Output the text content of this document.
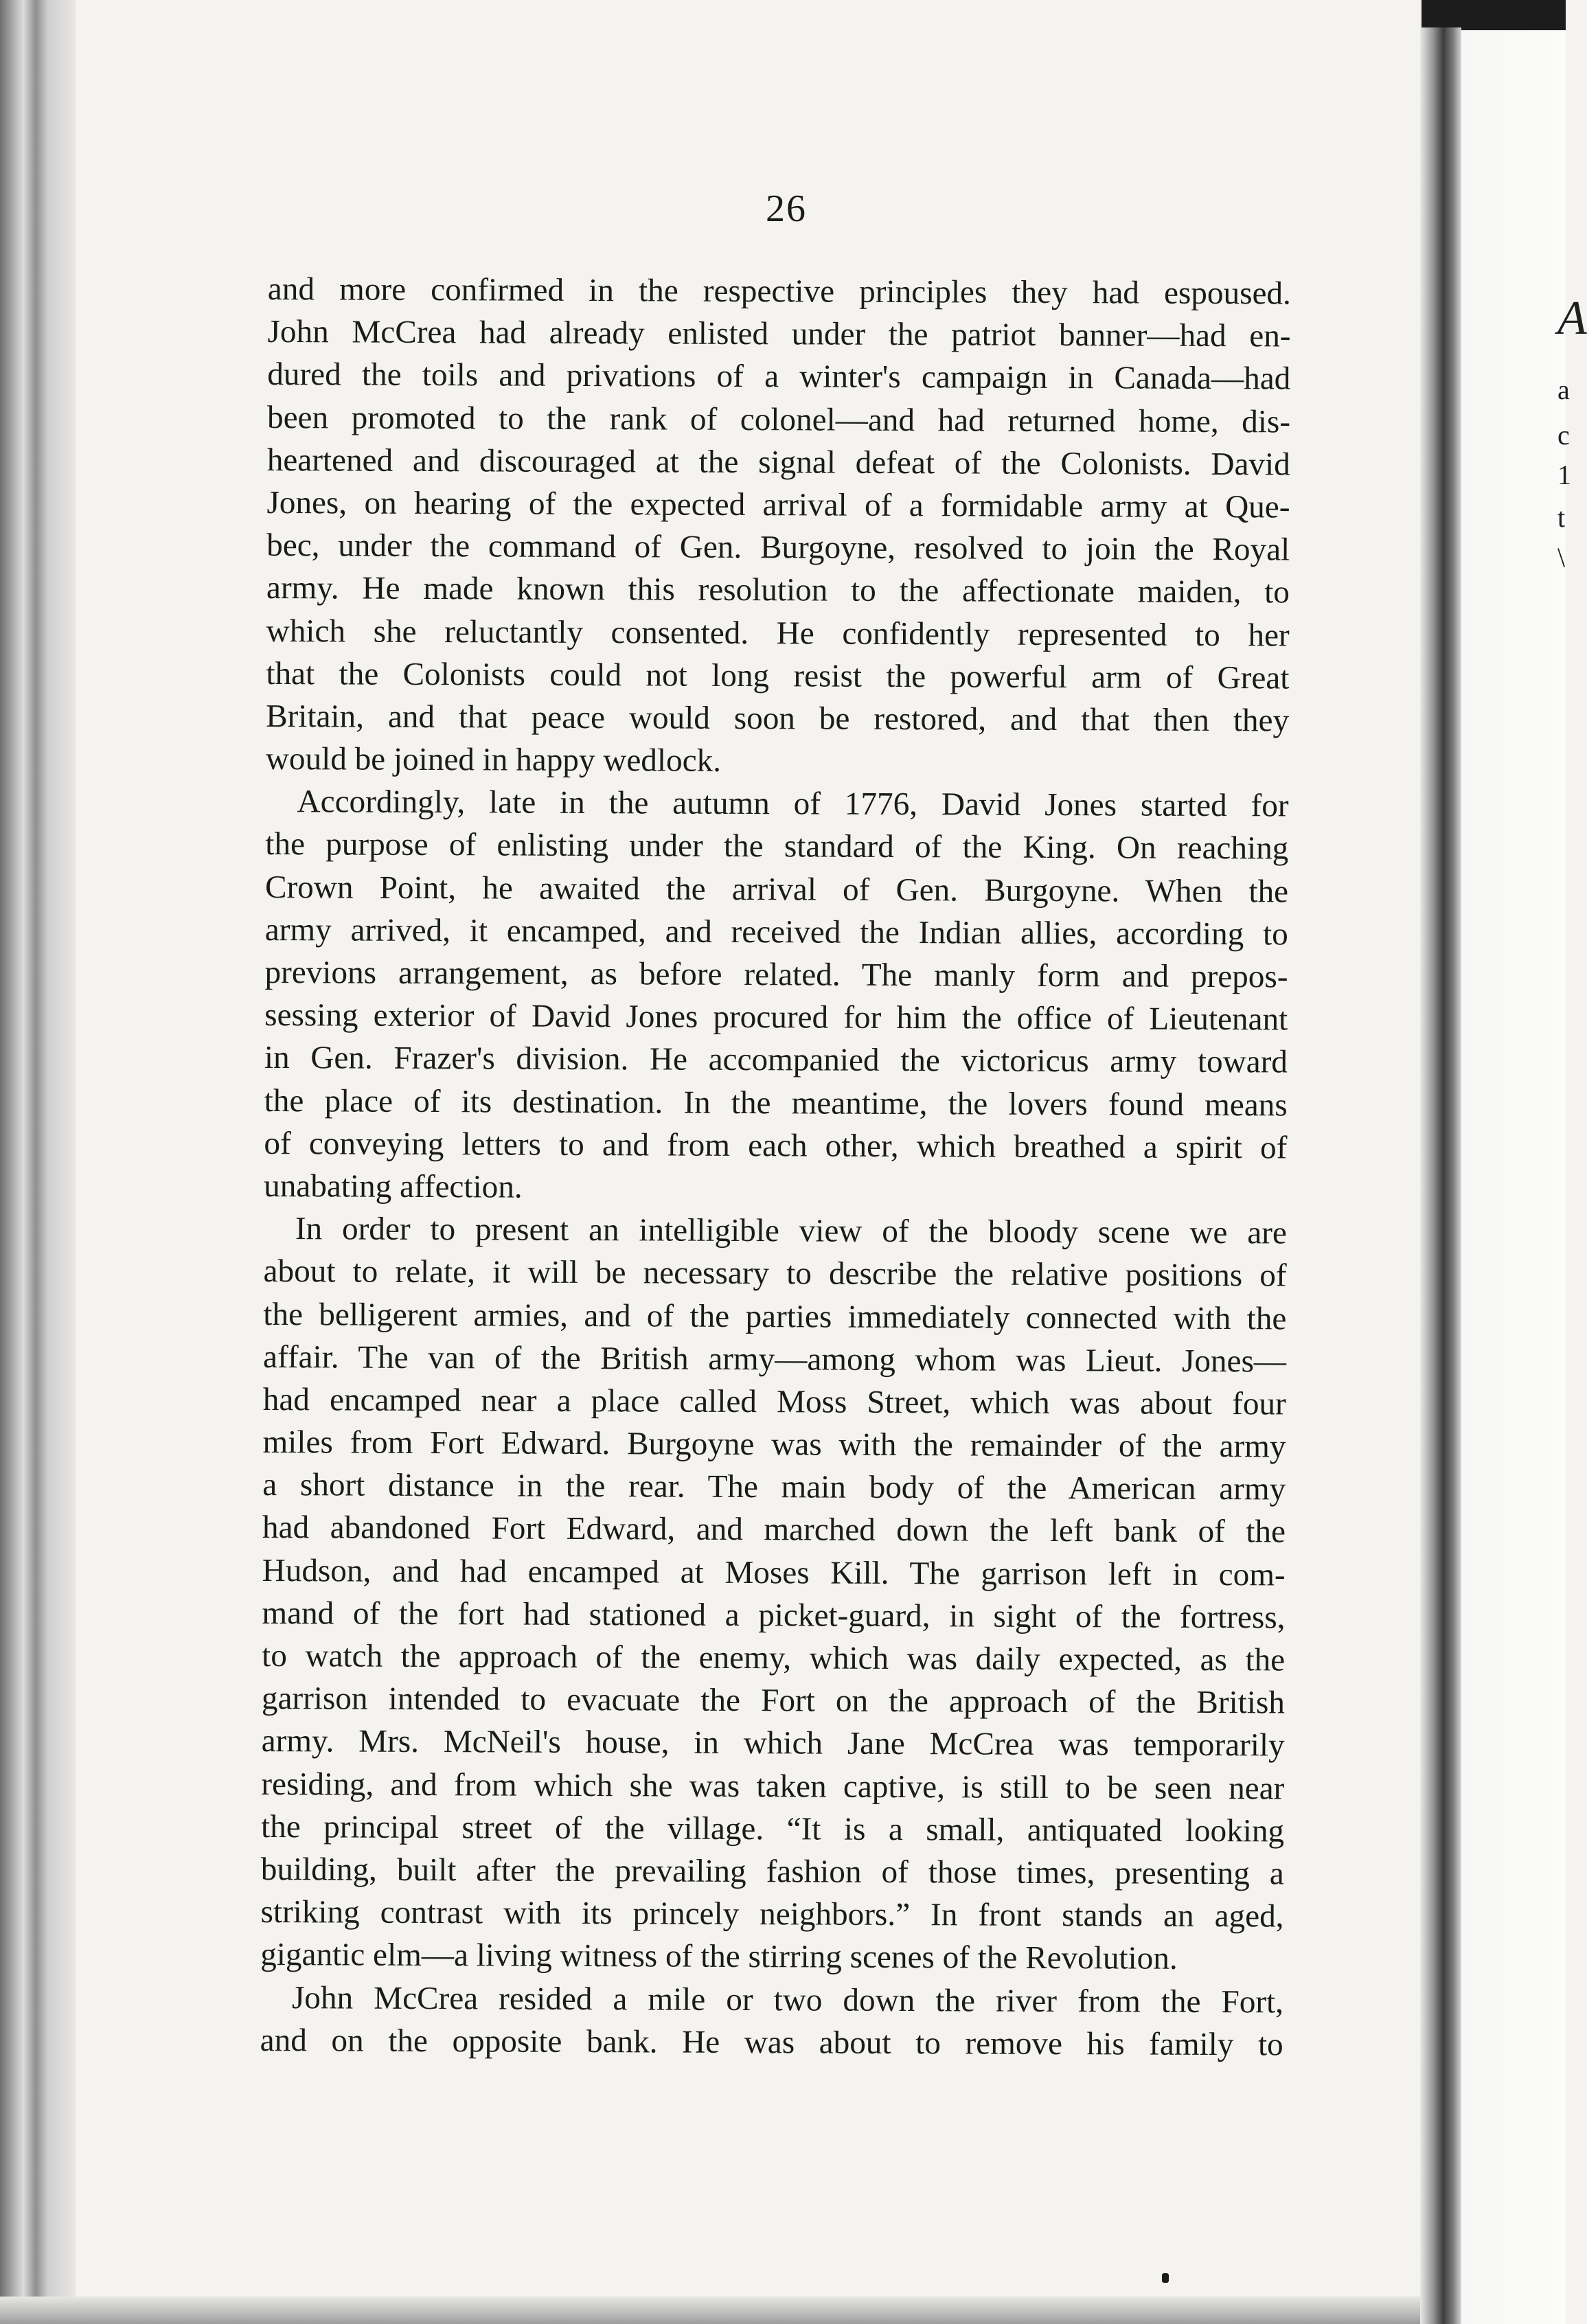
A
a
c
1
t
\
26
and more confirmed in the respective principles they had espoused.
John McCrea had already enlisted under the patriot banner—had en-
dured the toils and privations of a winter's campaign in Canada—had
been promoted to the rank of colonel—and had returned home, dis-
heartened and discouraged at the signal defeat of the Colonists. David
Jones, on hearing of the expected arrival of a formidable army at Que-
bec, under the command of Gen. Burgoyne, resolved to join the Royal
army. He made known this resolution to the affectionate maiden, to
which she reluctantly consented. He confidently represented to her
that the Colonists could not long resist the powerful arm of Great
Britain, and that peace would soon be restored, and that then they
would be joined in happy wedlock.
Accordingly, late in the autumn of 1776, David Jones started for
the purpose of enlisting under the standard of the King. On reaching
Crown Point, he awaited the arrival of Gen. Burgoyne. When the
army arrived, it encamped, and received the Indian allies, according to
previons arrangement, as before related. The manly form and prepos-
sessing exterior of David Jones procured for him the office of Lieutenant
in Gen. Frazer's division. He accompanied the victoricus army toward
the place of its destination. In the meantime, the lovers found means
of conveying letters to and from each other, which breathed a spirit of
unabating affection.
In order to present an intelligible view of the bloody scene we are
about to relate, it will be necessary to describe the relative positions of
the belligerent armies, and of the parties immediately connected with the
affair. The van of the British army—among whom was Lieut. Jones—
had encamped near a place called Moss Street, which was about four
miles from Fort Edward. Burgoyne was with the remainder of the army
a short distance in the rear. The main body of the American army
had abandoned Fort Edward, and marched down the left bank of the
Hudson, and had encamped at Moses Kill. The garrison left in com-
mand of the fort had stationed a picket-guard, in sight of the fortress,
to watch the approach of the enemy, which was daily expected, as the
garrison intended to evacuate the Fort on the approach of the British
army. Mrs. McNeil's house, in which Jane McCrea was temporarily
residing, and from which she was taken captive, is still to be seen near
the principal street of the village. “It is a small, antiquated looking
building, built after the prevailing fashion of those times, presenting a
striking contrast with its princely neighbors.” In front stands an aged,
gigantic elm—a living witness of the stirring scenes of the Revolution.
John McCrea resided a mile or two down the river from the Fort,
and on the opposite bank. He was about to remove his family to
